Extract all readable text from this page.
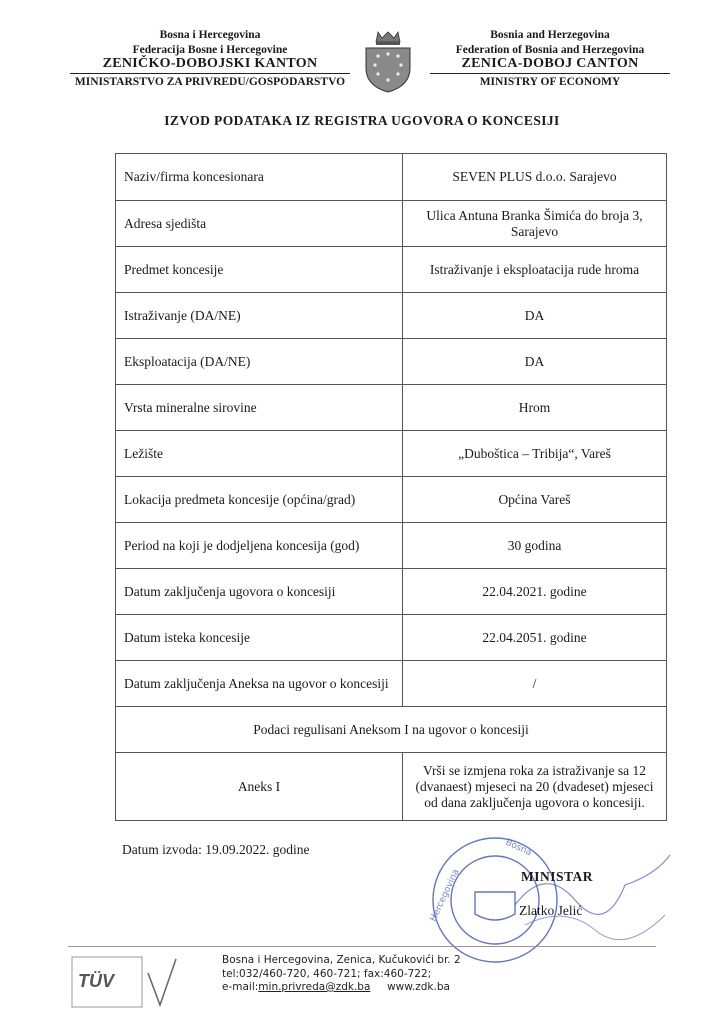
Bosna i Hercegovina
Federacija Bosne i Hercegovine
ZENIČKO-DOBOJSKI KANTON
MINISTARSTVO ZA PRIVREDU/GOSPODARSTVO
Bosnia and Herzegovina
Federation of Bosnia and Herzegovina
ZENICA-DOBOJ CANTON
MINISTRY OF ECONOMY
IZVOD PODATAKA IZ REGISTRA UGOVORA O KONCESIJI
Naziv/firma koncesionara	SEVEN PLUS d.o.o. Sarajevo
Adresa sjedišta	Ulica Antuna Branka Šimića do broja 3, Sarajevo
Predmet koncesije	Istraživanje i eksploatacija rude hroma
Istraživanje (DA/NE)	DA
Eksploatacija (DA/NE)	DA
Vrsta mineralne sirovine	Hrom
Ležište	„Duboštica – Tribija“, Vareš
Lokacija predmeta koncesije (općina/grad)	Općina Vareš
Period na koji je dodjeljena koncesija (god)	30 godina
Datum zaključenja ugovora o koncesiji	22.04.2021. godine
Datum isteka koncesije	22.04.2051. godine
Datum zaključenja Aneksa na ugovor o koncesiji	/
Podaci regulisani Aneksom I na ugovor o koncesiji	
Aneks I	Vrši se izmjena roka za istraživanje sa 12 (dvanaest) mjeseci na 20 (dvadeset) mjeseci od dana zaključenja ugovora o koncesiji.
Datum izvoda: 19.09.2022. godine
Hercegovina
Bosna
MINISTAR
Zlatko Jelić
TÜV
Bosna i Hercegovina, Zenica, Kučukovići br. 2
tel:032/460-720, 460-721; fax:460-722;
e-mail:min.privreda@zdk.ba www.zdk.ba
